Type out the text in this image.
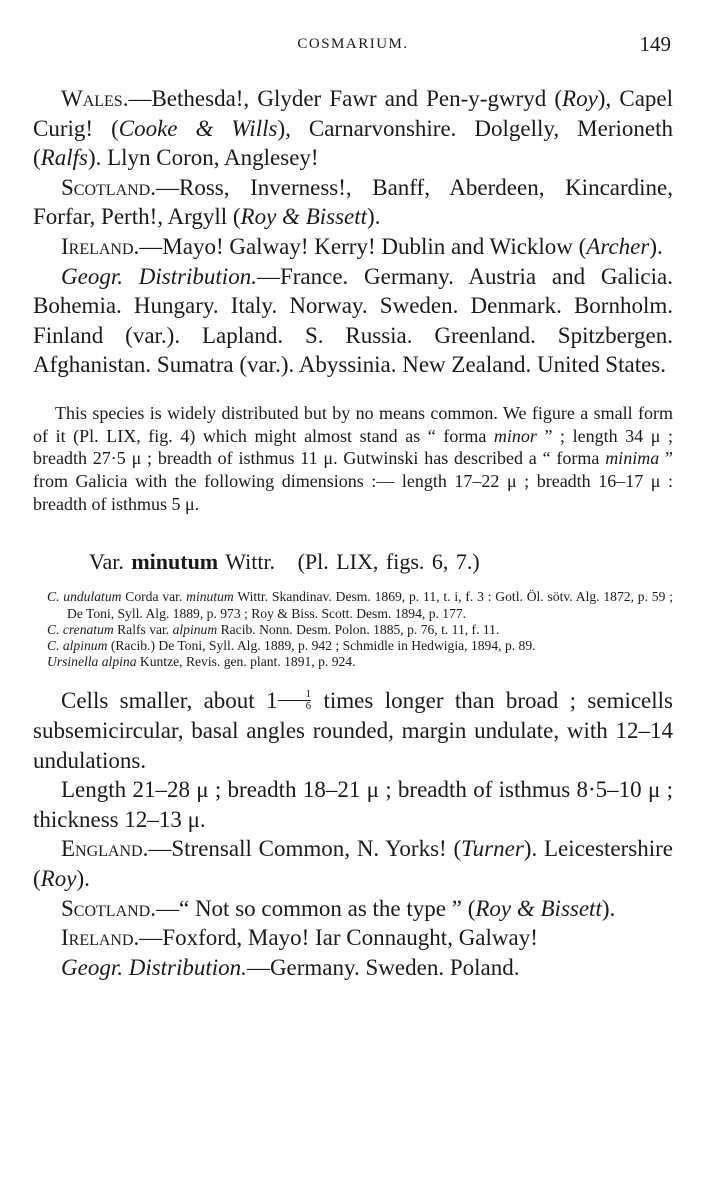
COSMARIUM.	149

Wales.—Bethesda!, Glyder Fawr and Pen-y-gwryd (Roy), Capel Curig! (Cooke & Wills), Carnarvonshire. Dolgelly, Merioneth (Ralfs). Llyn Coron, Anglesey!

Scotland.—Ross, Inverness!, Banff, Aberdeen, Kincardine, Forfar, Perth!, Argyll (Roy & Bissett).

Ireland.—Mayo! Galway! Kerry! Dublin and Wicklow (Archer).

Geogr. Distribution.—France. Germany. Austria and Galicia. Bohemia. Hungary. Italy. Norway. Sweden. Denmark. Bornholm. Finland (var.). Lapland. S. Russia. Greenland. Spitzbergen. Afghanistan. Sumatra (var.). Abyssinia. New Zealand. United States.

This species is widely distributed but by no means common. We figure a small form of it (Pl. LIX, fig. 4) which might almost stand as “ forma minor ” ; length 34 μ ; breadth 27·5 μ ; breadth of isthmus 11 μ. Gutwinski has described a “ forma minima ” from Galicia with the following dimensions :— length 17–22 μ ; breadth 16–17 μ : breadth of isthmus 5 μ.

Var. minutum Wittr. (Pl. LIX, figs. 6, 7.)

C. undulatum Corda var. minutum Wittr. Skandinav. Desm. 1869, p. 11, t. i, f. 3 : Gotl. Öl. sötv. Alg. 1872, p. 59 ; De Toni, Syll. Alg. 1889, p. 973 ; Roy & Biss. Scott. Desm. 1894, p. 177.

C. crenatum Ralfs var. alpinum Racib. Nonn. Desm. Polon. 1885, p. 76, t. 11, f. 11.

C. alpinum (Racib.) De Toni, Syll. Alg. 1889, p. 942 ; Schmidle in Hedwigia, 1894, p. 89.

Ursinella alpina Kuntze, Revis. gen. plant. 1891, p. 924.

Cells smaller, about $1 \frac{1}{6}$ times longer than broad ; semicells subsemicircular, basal angles rounded, margin undulate, with 12–14 undulations.

Length 21–28 μ ; breadth 18–21 μ ; breadth of isthmus 8·5–10 μ ; thickness 12–13 μ.

England.—Strensall Common, N. Yorks! (Turner). Leicestershire (Roy).

Scotland.—“ Not so common as the type ” (Roy & Bissett).

Ireland.—Foxford, Mayo! Iar Connaught, Galway!

Geogr. Distribution.—Germany. Sweden. Poland.
